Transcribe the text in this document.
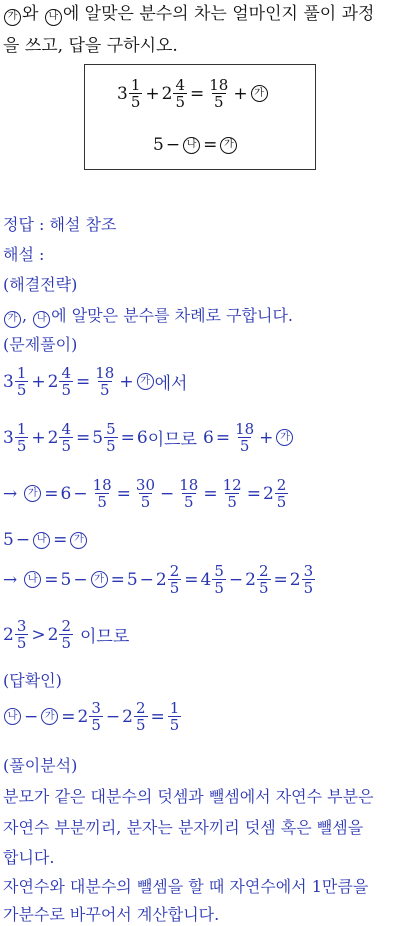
가 와 나 에 알맞은 분수의 차는 얼마인지 풀이 과정
을 쓰고, 답을 구하시오.
$3 \frac{1}{5} + 2 \frac{4}{5} = \frac{18}{5}$ + 가
5 − 나 = 가
정답 : 해설 참조
해설 :
(해결전략)
가 , 나 에 알맞은 분수를 차례로 구합니다.
(문제풀이)
$3 \frac{1}{5} + 2 \frac{4}{5} = \frac{18}{5}$ + 가 에서
$3 \frac{1}{5} + 2 \frac{4}{5} = 5 \frac{5}{5} = 6$ 이므로 $6 = \frac{18}{5}$ + 가
→	가 = $6 - \frac{18}{5} = \frac{30}{5} - \frac{18}{5} = \frac{12}{5} = 2 \frac{2}{5}$
5 − 나 = 가
→	나 = 5 − 가 = $5 - 2 \frac{2}{5} = 4 \frac{5}{5} - 2 \frac{2}{5} = 2 \frac{3}{5}$
$2 \frac{3}{5} > 2 \frac{2}{5}$ 이므로
(답확인)
나 − 가 = $2 \frac{3}{5} - 2 \frac{2}{5} = \frac{1}{5}$
(풀이분석)
분모가 같은 대분수의 덧셈과 뺄셈에서 자연수 부분은
자연수 부분끼리, 분자는 분자끼리 덧셈 혹은 뺄셈을
합니다.
자연수와 대분수의 뺄셈을 할 때 자연수에서 1만큼을
가분수로 바꾸어서 계산합니다.
